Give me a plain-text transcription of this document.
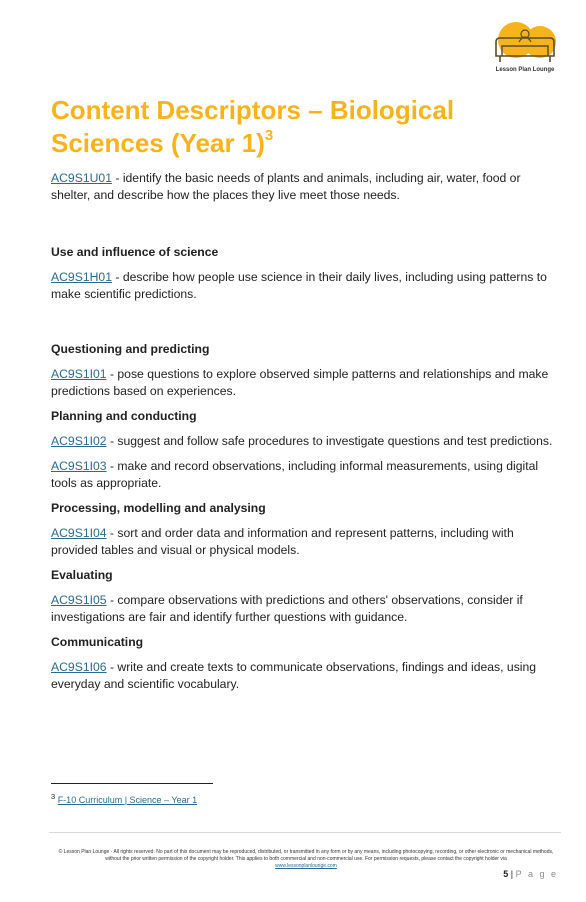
Lesson Plan Lounge
Content Descriptors – Biological Sciences (Year 1)$^3$

AC9S1U01 - identify the basic needs of plants and animals, including air, water, food or shelter, and describe how the places they live meet those needs.

Use and influence of science

AC9S1H01 - describe how people use science in their daily lives, including using patterns to make scientific predictions.

Questioning and predicting

AC9S1I01 - pose questions to explore observed simple patterns and relationships and make predictions based on experiences.

Planning and conducting

AC9S1I02 - suggest and follow safe procedures to investigate questions and test predictions.

AC9S1I03 - make and record observations, including informal measurements, using digital tools as appropriate.

Processing, modelling and analysing

AC9S1I04 - sort and order data and information and represent patterns, including with provided tables and visual or physical models.

Evaluating

AC9S1I05 - compare observations with predictions and others' observations, consider if investigations are fair and identify further questions with guidance.

Communicating

AC9S1I06 - write and create texts to communicate observations, findings and ideas, using everyday and scientific vocabulary.

$^3$ F-10 Curriculum | Science – Year 1
© Lesson Plan Lounge - All rights reserved. No part of this document may be reproduced, distributed, or transmitted in any form or by any means, including photocopying, recording, or other electronic or mechanical methods, without the prior written permission of the copyright holder. This applies to both commercial and non-commercial use. For permission requests, please contact the copyright holder via
www.lessonplanlounge.com
5 | P a g e
